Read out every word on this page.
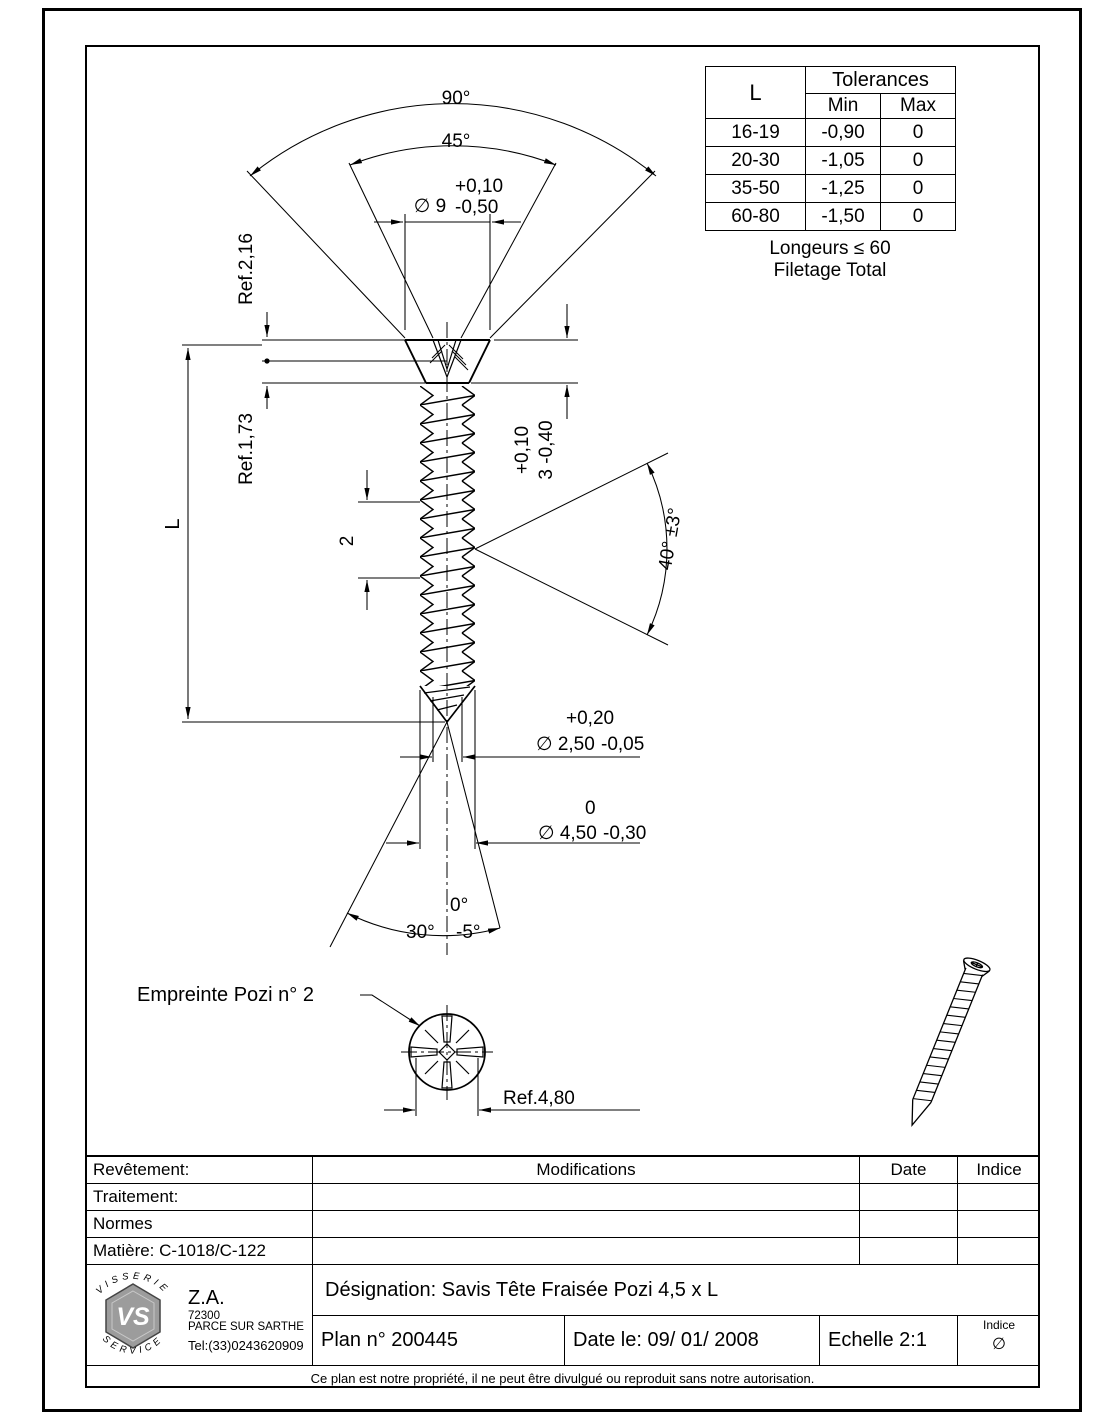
90°
45°
+0,10
∅ 9 -0,50
Ref.2,16
Ref.1,73
L
2
+0,10 3 -0,40
40° ±3°
+0,20
∅ 2,50 -0,05
0
∅ 4,50 -0,30
0°
30° -5°
Empreinte Pozi n° 2
Ref.4,80
L	Tolerances	
	Min	Max
16-19	-0,90	0
20-30	-1,05	0
35-50	-1,25	0
60-80	-1,50	0
Longeurs ≤ 60
Filetage Total
Revêtement:	Modifications	Date	Indice
Traitement:
Normes
Matière: C-1018/C-122
VS
VISSERIE
SERVICE
Z.A.
72300
PARCE SUR SARTHE
Tel:(33)0243620909
Désignation: Savis Tête Fraisée Pozi 4,5 x L
Plan n° 200445	Date le: 09/ 01/ 2008	Echelle 2:1
Indice
∅
Ce plan est notre propriété, il ne peut être divulgué ou reproduit sans notre autorisation.
